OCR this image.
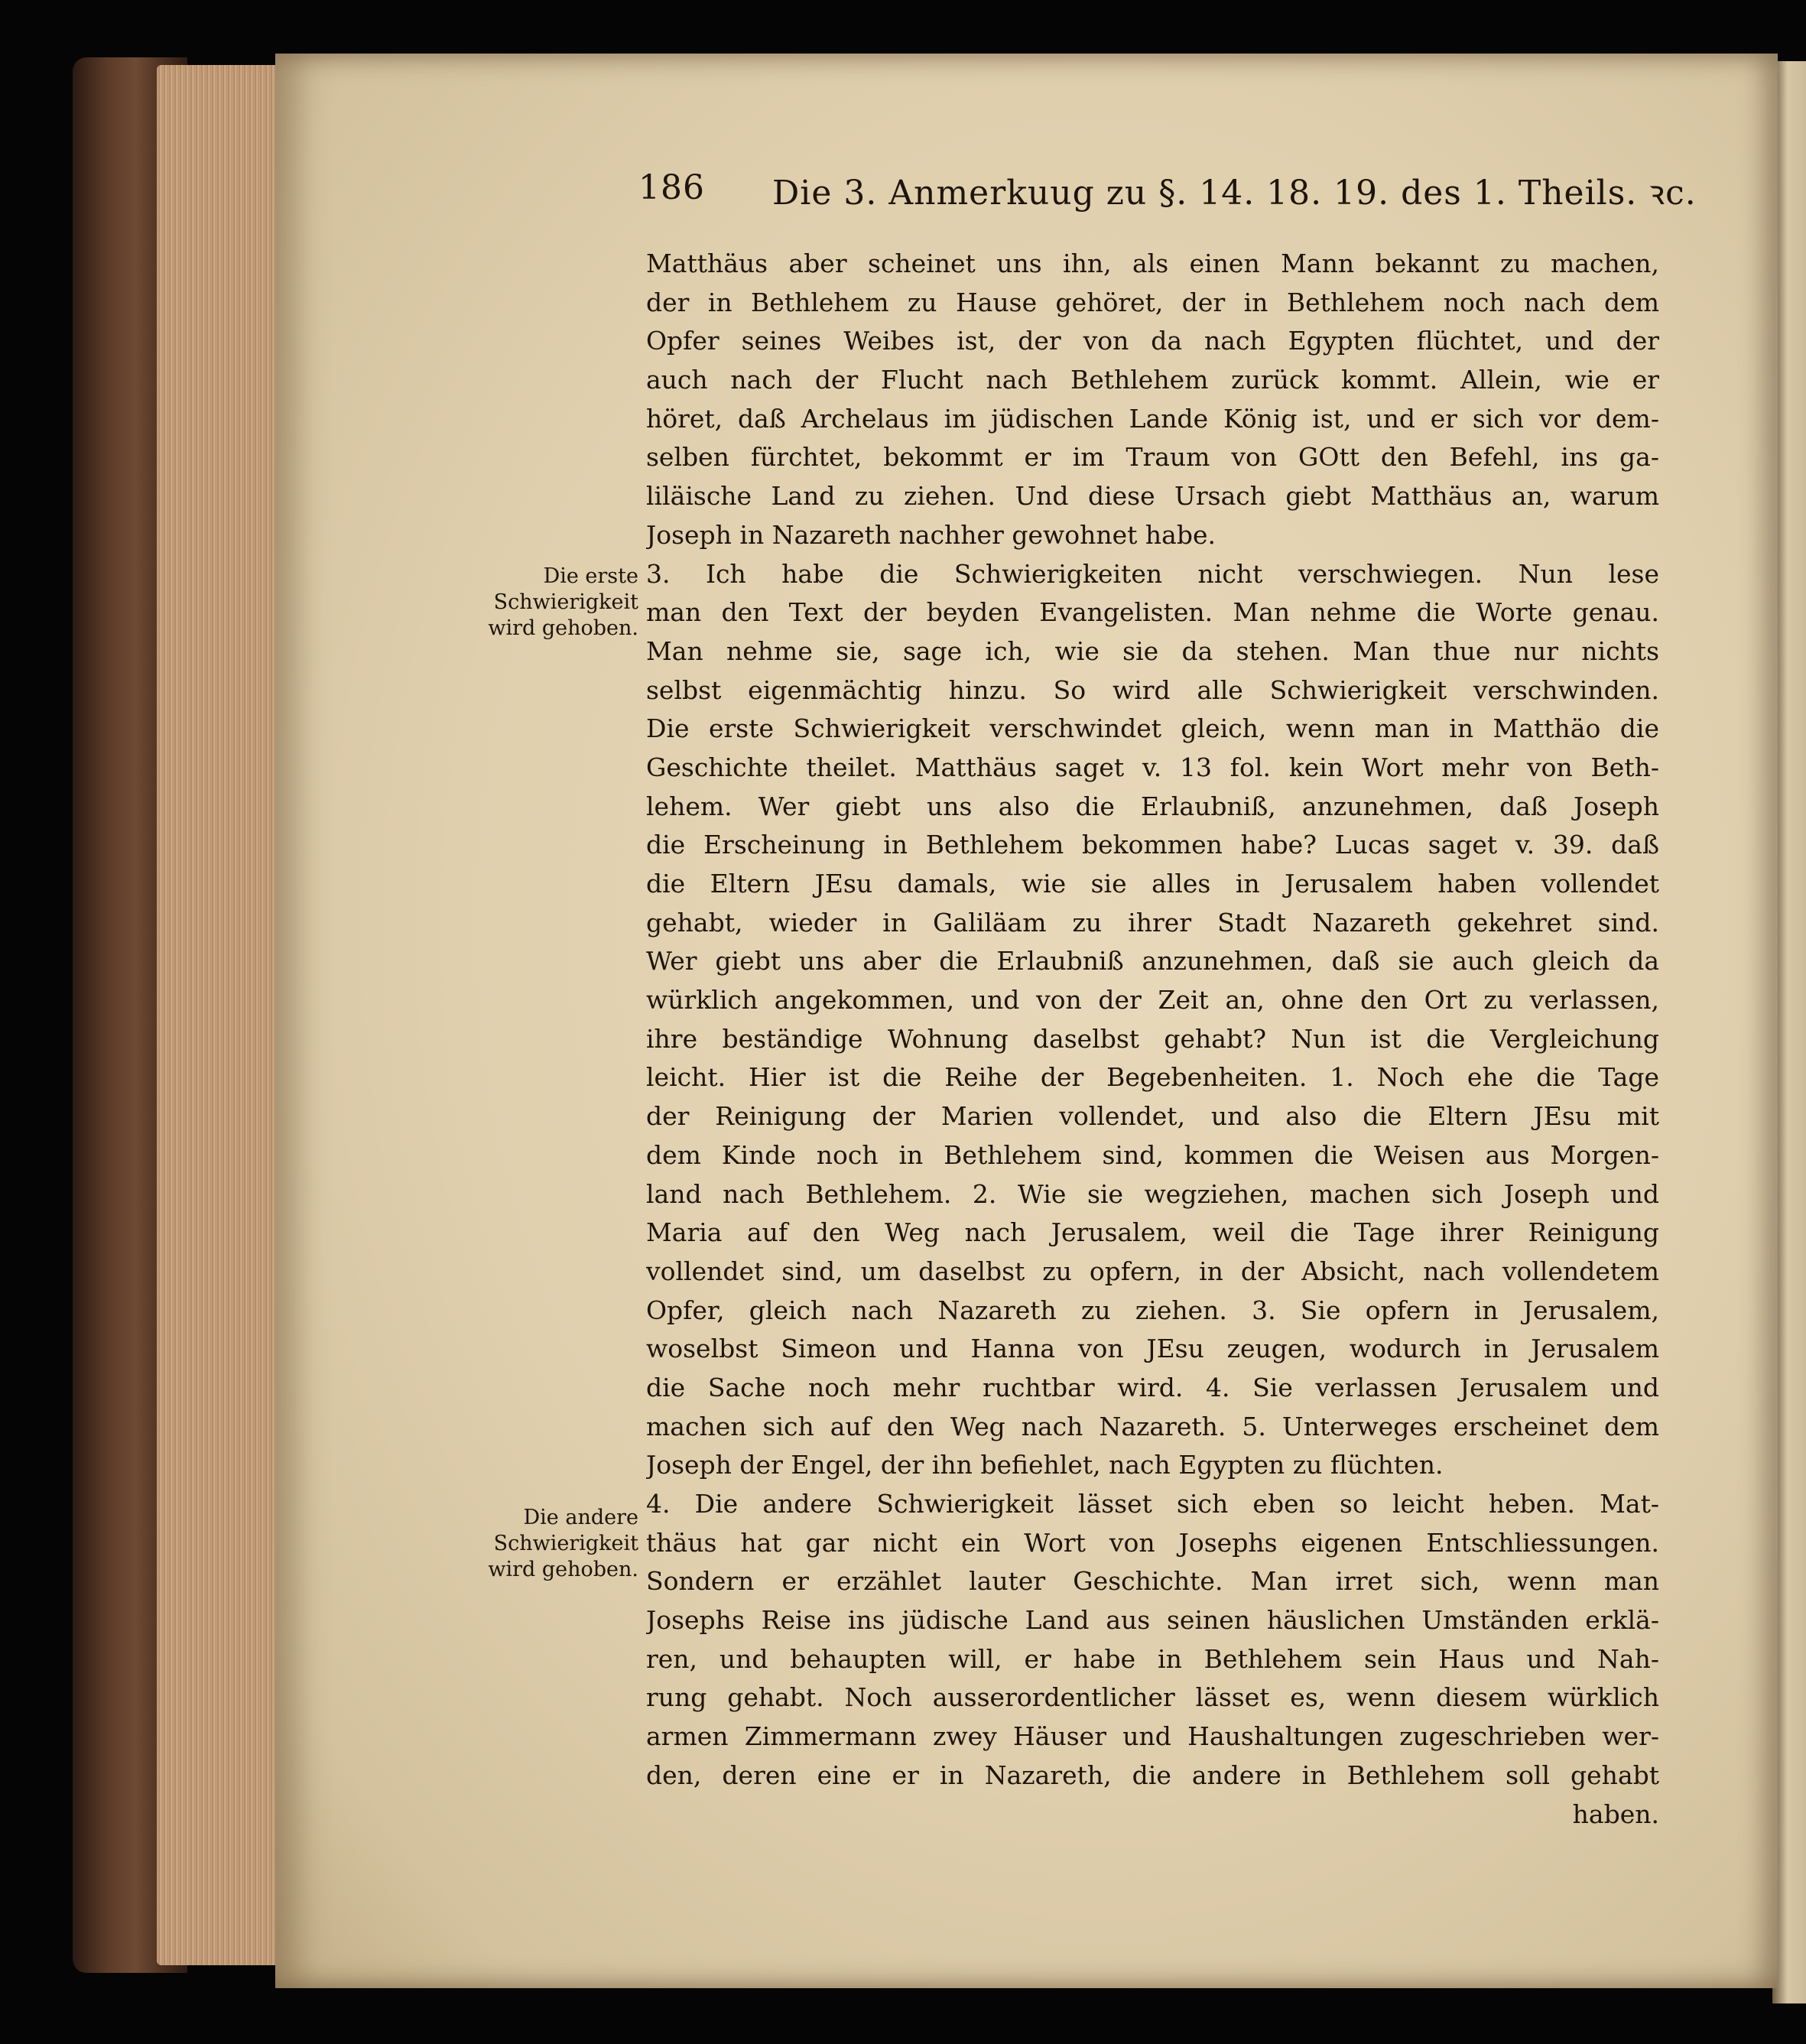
186 Die 3. Anmerkuug zu §. 14. 18. 19. des 1. Theils. ꝛc.
Die erste
Schwierigkeit
wird gehoben.
Die andere
Schwierigkeit
wird gehoben.
Matthäus aber scheinet uns ihn, als einen Mann bekannt zu machen,
der in Bethlehem zu Hause gehöret, der in Bethlehem noch nach dem
Opfer seines Weibes ist, der von da nach Egypten flüchtet, und der
auch nach der Flucht nach Bethlehem zurück kommt. Allein, wie er
höret, daß Archelaus im jüdischen Lande König ist, und er sich vor dem-
selben fürchtet, bekommt er im Traum von GOtt den Befehl, ins ga-
liläische Land zu ziehen. Und diese Ursach giebt Matthäus an, warum
Joseph in Nazareth nachher gewohnet habe.
3. Ich habe die Schwierigkeiten nicht verschwiegen. Nun lese
man den Text der beyden Evangelisten. Man nehme die Worte genau.
Man nehme sie, sage ich, wie sie da stehen. Man thue nur nichts
selbst eigenmächtig hinzu. So wird alle Schwierigkeit verschwinden.
Die erste Schwierigkeit verschwindet gleich, wenn man in Matthäo die
Geschichte theilet. Matthäus saget v. 13 fol. kein Wort mehr von Beth-
lehem. Wer giebt uns also die Erlaubniß, anzunehmen, daß Joseph
die Erscheinung in Bethlehem bekommen habe? Lucas saget v. 39. daß
die Eltern JEsu damals, wie sie alles in Jerusalem haben vollendet
gehabt, wieder in Galiläam zu ihrer Stadt Nazareth gekehret sind.
Wer giebt uns aber die Erlaubniß anzunehmen, daß sie auch gleich da
würklich angekommen, und von der Zeit an, ohne den Ort zu verlassen,
ihre beständige Wohnung daselbst gehabt? Nun ist die Vergleichung
leicht. Hier ist die Reihe der Begebenheiten. 1. Noch ehe die Tage
der Reinigung der Marien vollendet, und also die Eltern JEsu mit
dem Kinde noch in Bethlehem sind, kommen die Weisen aus Morgen-
land nach Bethlehem. 2. Wie sie wegziehen, machen sich Joseph und
Maria auf den Weg nach Jerusalem, weil die Tage ihrer Reinigung
vollendet sind, um daselbst zu opfern, in der Absicht, nach vollendetem
Opfer, gleich nach Nazareth zu ziehen. 3. Sie opfern in Jerusalem,
woselbst Simeon und Hanna von JEsu zeugen, wodurch in Jerusalem
die Sache noch mehr ruchtbar wird. 4. Sie verlassen Jerusalem und
machen sich auf den Weg nach Nazareth. 5. Unterweges erscheinet dem
Joseph der Engel, der ihn befiehlet, nach Egypten zu flüchten.
4. Die andere Schwierigkeit lässet sich eben so leicht heben. Mat-
thäus hat gar nicht ein Wort von Josephs eigenen Entschliessungen.
Sondern er erzählet lauter Geschichte. Man irret sich, wenn man
Josephs Reise ins jüdische Land aus seinen häuslichen Umständen erklä-
ren, und behaupten will, er habe in Bethlehem sein Haus und Nah-
rung gehabt. Noch ausserordentlicher lässet es, wenn diesem würklich
armen Zimmermann zwey Häuser und Haushaltungen zugeschrieben wer-
den, deren eine er in Nazareth, die andere in Bethlehem soll gehabt
haben.
